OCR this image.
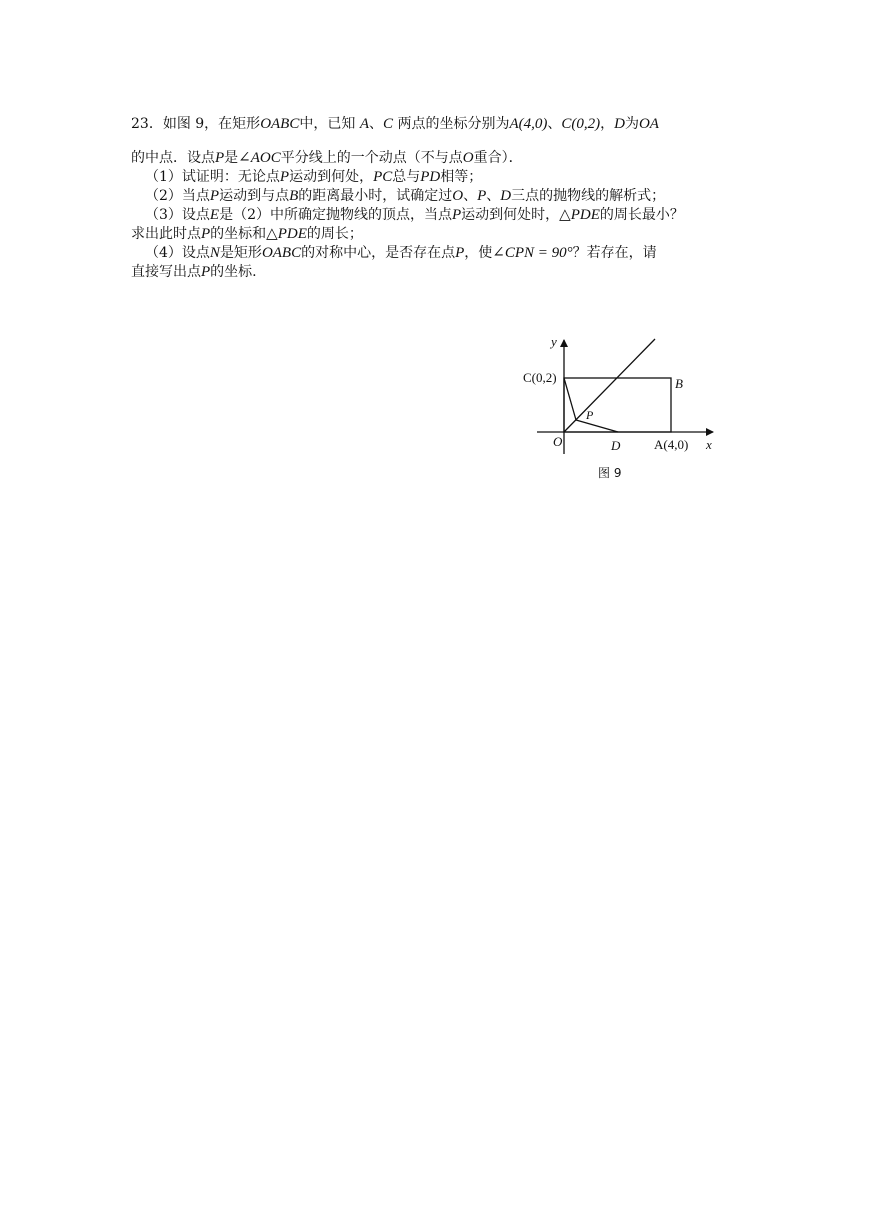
23．如图 9，在矩形OABC中，已知 A、C 两点的坐标分别为A(4,0)、C(0,2)，D为OA
的中点．设点P是∠AOC平分线上的一个动点（不与点O重合）．
（1）试证明：无论点P运动到何处，PC总与PD相等；
（2）当点P运动到与点B的距离最小时，试确定过O、P、D三点的抛物线的解析式；
（3）设点E是（2）中所确定抛物线的顶点，当点P运动到何处时，△PDE的周长最小？
求出此时点P的坐标和△PDE的周长；
（4）设点N是矩形OABC的对称中心，是否存在点P，使∠CPN = 90°？若存在，请
直接写出点P的坐标.
y
C(0,2)	B
P
O	D	A(4,0) x
图 9
